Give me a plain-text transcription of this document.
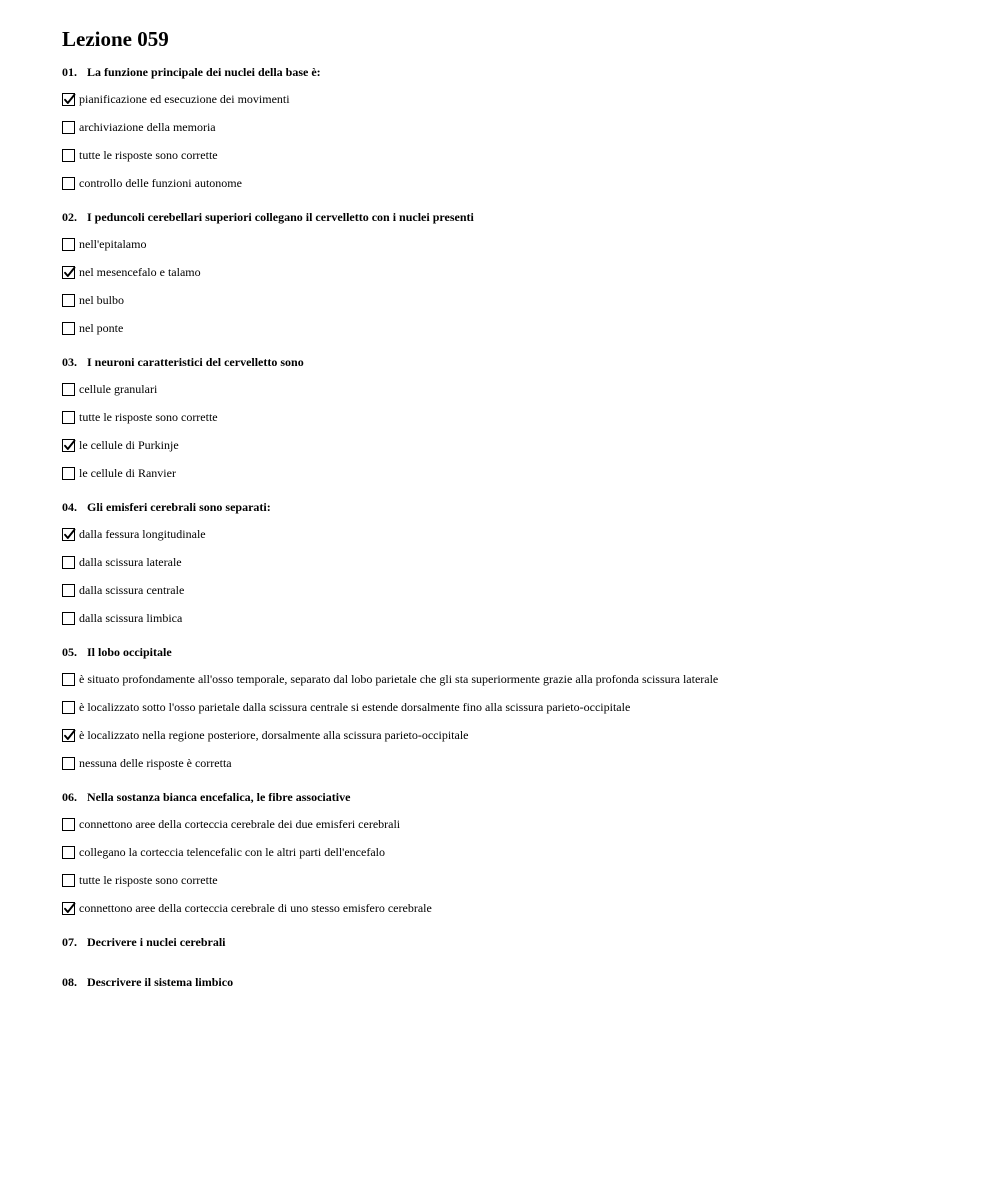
Lezione 059
01. La funzione principale dei nuclei della base è:
pianificazione ed esecuzione dei movimenti
archiviazione della memoria
tutte le risposte sono corrette
controllo delle funzioni autonome
02. I peduncoli cerebellari superiori collegano il cervelletto con i nuclei presenti
nell'epitalamo
nel mesencefalo e talamo
nel bulbo
nel ponte
03. I neuroni caratteristici del cervelletto sono
cellule granulari
tutte le risposte sono corrette
le cellule di Purkinje
le cellule di Ranvier
04. Gli emisferi cerebrali sono separati:
dalla fessura longitudinale
dalla scissura laterale
dalla scissura centrale
dalla scissura limbica
05. Il lobo occipitale
è situato profondamente all'osso temporale, separato dal lobo parietale che gli sta superiormente grazie alla profonda scissura laterale
è localizzato sotto l'osso parietale dalla scissura centrale si estende dorsalmente fino alla scissura parieto-occipitale
è localizzato nella regione posteriore, dorsalmente alla scissura parieto-occipitale
nessuna delle risposte è corretta
06. Nella sostanza bianca encefalica, le fibre associative
connettono aree della corteccia cerebrale dei due emisferi cerebrali
collegano la corteccia telencefalic con le altri parti dell'encefalo
tutte le risposte sono corrette
connettono aree della corteccia cerebrale di uno stesso emisfero cerebrale
07. Decrivere i nuclei cerebrali
08. Descrivere il sistema limbico
